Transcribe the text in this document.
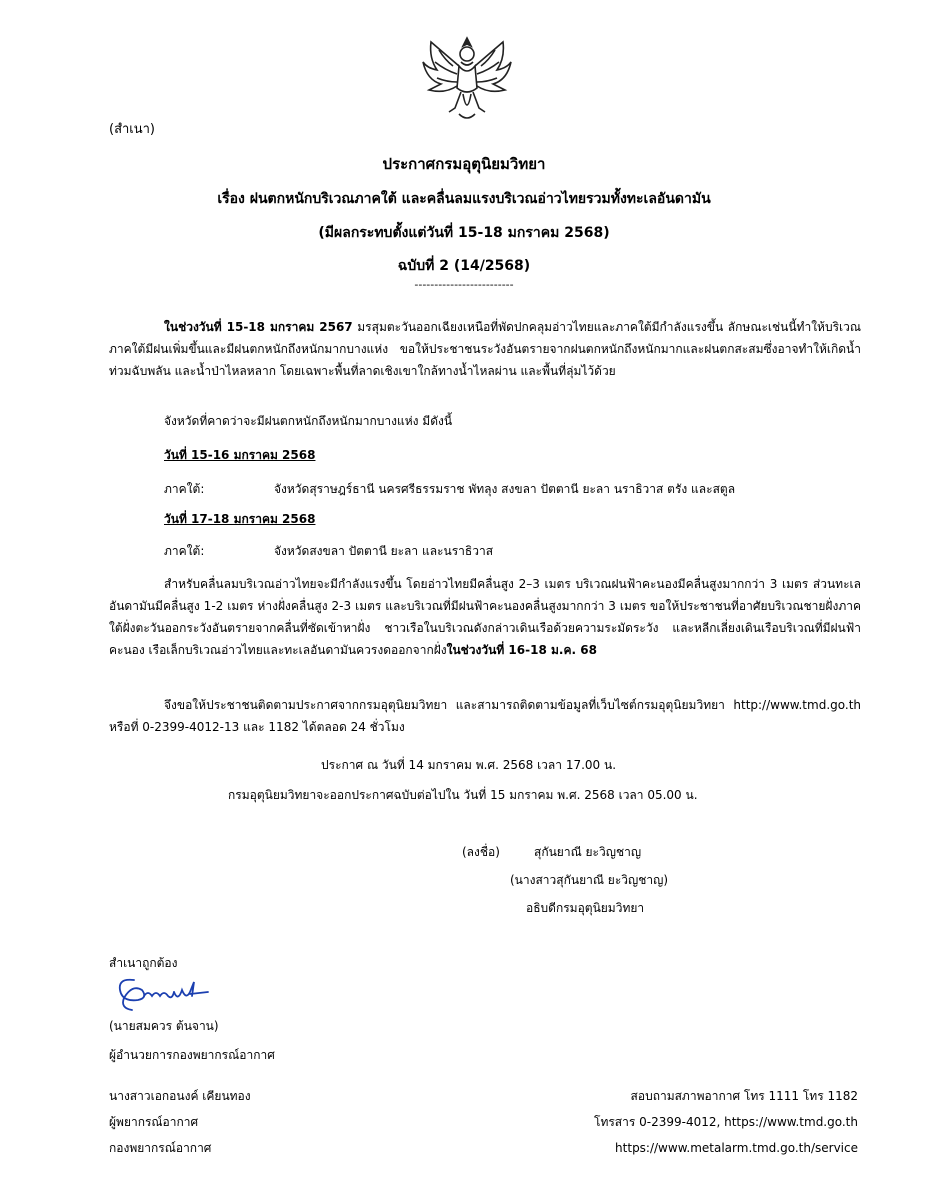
(สำเนา)
ประกาศกรมอุตุนิยมวิทยา
เรื่อง ฝนตกหนักบริเวณภาคใต้ และคลื่นลมแรงบริเวณอ่าวไทยรวมทั้งทะเลอันดามัน
(มีผลกระทบตั้งแต่วันที่ 15-18 มกราคม 2568)
ฉบับที่ 2 (14/2568)
-------------------------
ในช่วงวันที่ 15-18 มกราคม 2567 มรสุมตะวันออกเฉียงเหนือที่พัดปกคลุมอ่าวไทยและภาคใต้มีกำลังแรงขึ้น ลักษณะเช่นนี้ทำให้บริเวณภาคใต้มีฝนเพิ่มขึ้นและมีฝนตกหนักถึงหนักมากบางแห่ง ขอให้ประชาชนระวังอันตรายจากฝนตกหนักถึงหนักมากและฝนตกสะสมซึ่งอาจทำให้เกิดน้ำท่วมฉับพลัน และน้ำป่าไหลหลาก โดยเฉพาะพื้นที่ลาดเชิงเขาใกล้ทางน้ำไหลผ่าน และพื้นที่ลุ่มไว้ด้วย
จังหวัดที่คาดว่าจะมีฝนตกหนักถึงหนักมากบางแห่ง มีดังนี้
วันที่ 15-16 มกราคม 2568
ภาคใต้:	จังหวัดสุราษฎร์ธานี นครศรีธรรมราช พัทลุง สงขลา ปัตตานี ยะลา นราธิวาส ตรัง และสตูล
วันที่ 17-18 มกราคม 2568
ภาคใต้:	จังหวัดสงขลา ปัตตานี ยะลา และนราธิวาส
สำหรับคลื่นลมบริเวณอ่าวไทยจะมีกำลังแรงขึ้น โดยอ่าวไทยมีคลื่นสูง 2–3 เมตร บริเวณฝนฟ้าคะนองมีคลื่นสูงมากกว่า 3 เมตร ส่วนทะเลอันดามันมีคลื่นสูง 1-2 เมตร ห่างฝั่งคลื่นสูง 2-3 เมตร และบริเวณที่มีฝนฟ้าคะนองคลื่นสูงมากกว่า 3 เมตร ขอให้ประชาชนที่อาศัยบริเวณชายฝั่งภาคใต้ฝั่งตะวันออกระวังอันตรายจากคลื่นที่ซัดเข้าหาฝั่ง ชาวเรือในบริเวณดังกล่าวเดินเรือด้วยความระมัดระวัง และหลีกเลี่ยงเดินเรือบริเวณที่มีฝนฟ้าคะนอง เรือเล็กบริเวณอ่าวไทยและทะเลอันดามันควรงดออกจากฝั่งในช่วงวันที่ 16-18 ม.ค. 68
จึงขอให้ประชาชนติดตามประกาศจากกรมอุตุนิยมวิทยา และสามารถติดตามข้อมูลที่เว็บไซต์กรมอุตุนิยมวิทยา http://www.tmd.go.th หรือที่ 0-2399-4012-13 และ 1182 ได้ตลอด 24 ชั่วโมง
ประกาศ ณ วันที่ 14 มกราคม พ.ศ. 2568 เวลา 17.00 น.
กรมอุตุนิยมวิทยาจะออกประกาศฉบับต่อไปใน วันที่ 15 มกราคม พ.ศ. 2568 เวลา 05.00 น.
(ลงชื่อ)	สุกันยาณี ยะวิญชาญ
(นางสาวสุกันยาณี ยะวิญชาญ)
อธิบดีกรมอุตุนิยมวิทยา
สำเนาถูกต้อง
(นายสมควร ต้นจาน)
ผู้อำนวยการกองพยากรณ์อากาศ
นางสาวเอกอนงค์ เคียนทอง
ผู้พยากรณ์อากาศ
กองพยากรณ์อากาศ
สอบถามสภาพอากาศ โทร 1111 โทร 1182
โทรสาร 0-2399-4012, https://www.tmd.go.th
https://www.metalarm.tmd.go.th/service
